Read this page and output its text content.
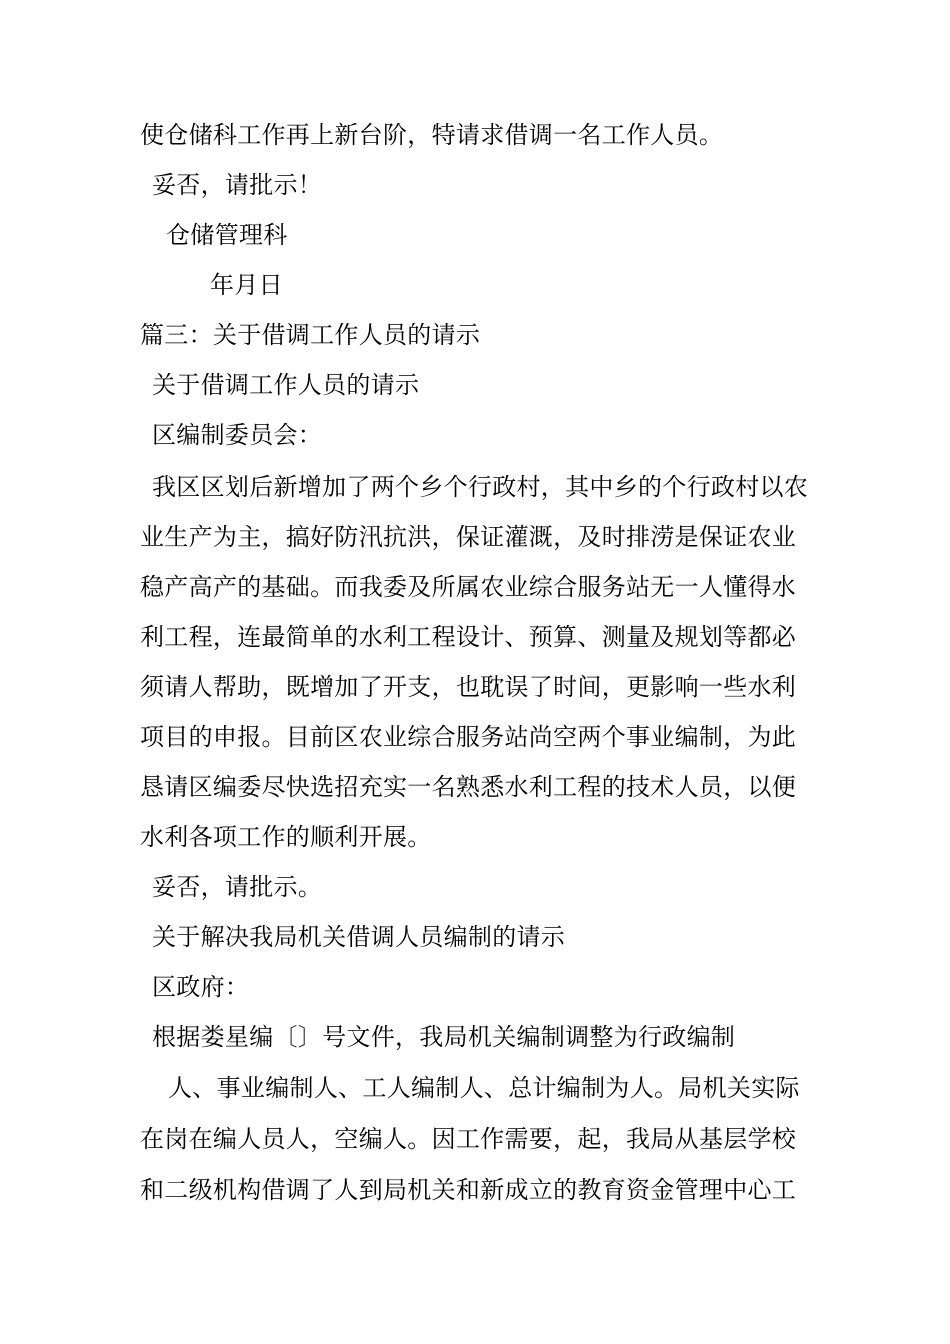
使仓储科工作再上新台阶，特请求借调一名工作人员。
妥否，请批示！
仓储管理科
年月日
篇三：关于借调工作人员的请示
关于借调工作人员的请示
区编制委员会：
我区区划后新增加了两个乡个行政村，其中乡的个行政村以农
业生产为主，搞好防汛抗洪，保证灌溉，及时排涝是保证农业
稳产高产的基础。而我委及所属农业综合服务站无一人懂得水
利工程，连最简单的水利工程设计、预算、测量及规划等都必
须请人帮助，既增加了开支，也耽误了时间，更影响一些水利
项目的申报。目前区农业综合服务站尚空两个事业编制，为此
恳请区编委尽快选招充实一名熟悉水利工程的技术人员，以便
水利各项工作的顺利开展。
妥否，请批示。
关于解决我局机关借调人员编制的请示
区政府：
根据娄星编〔〕号文件，我局机关编制调整为行政编制
人、事业编制人、工人编制人、总计编制为人。局机关实际
在岗在编人员人，空编人。因工作需要，起，我局从基层学校
和二级机构借调了人到局机关和新成立的教育资金管理中心工
